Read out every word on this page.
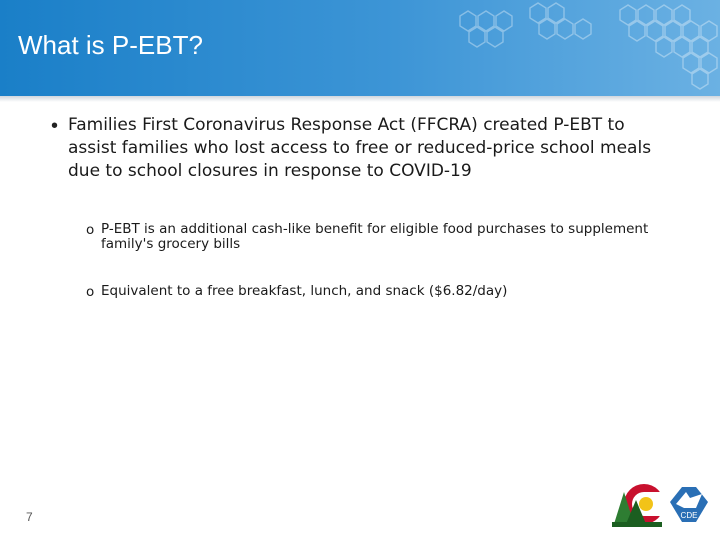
What is P-EBT?
• Families First Coronavirus Response Act (FFCRA) created P-EBT to assist families who lost access to free or reduced-price school meals due to school closures in response to COVID-19
o P-EBT is an additional cash-like benefit for eligible food purchases to supplement family's grocery bills
o Equivalent to a free breakfast, lunch, and snack ($6.82/day)
7	CDE
